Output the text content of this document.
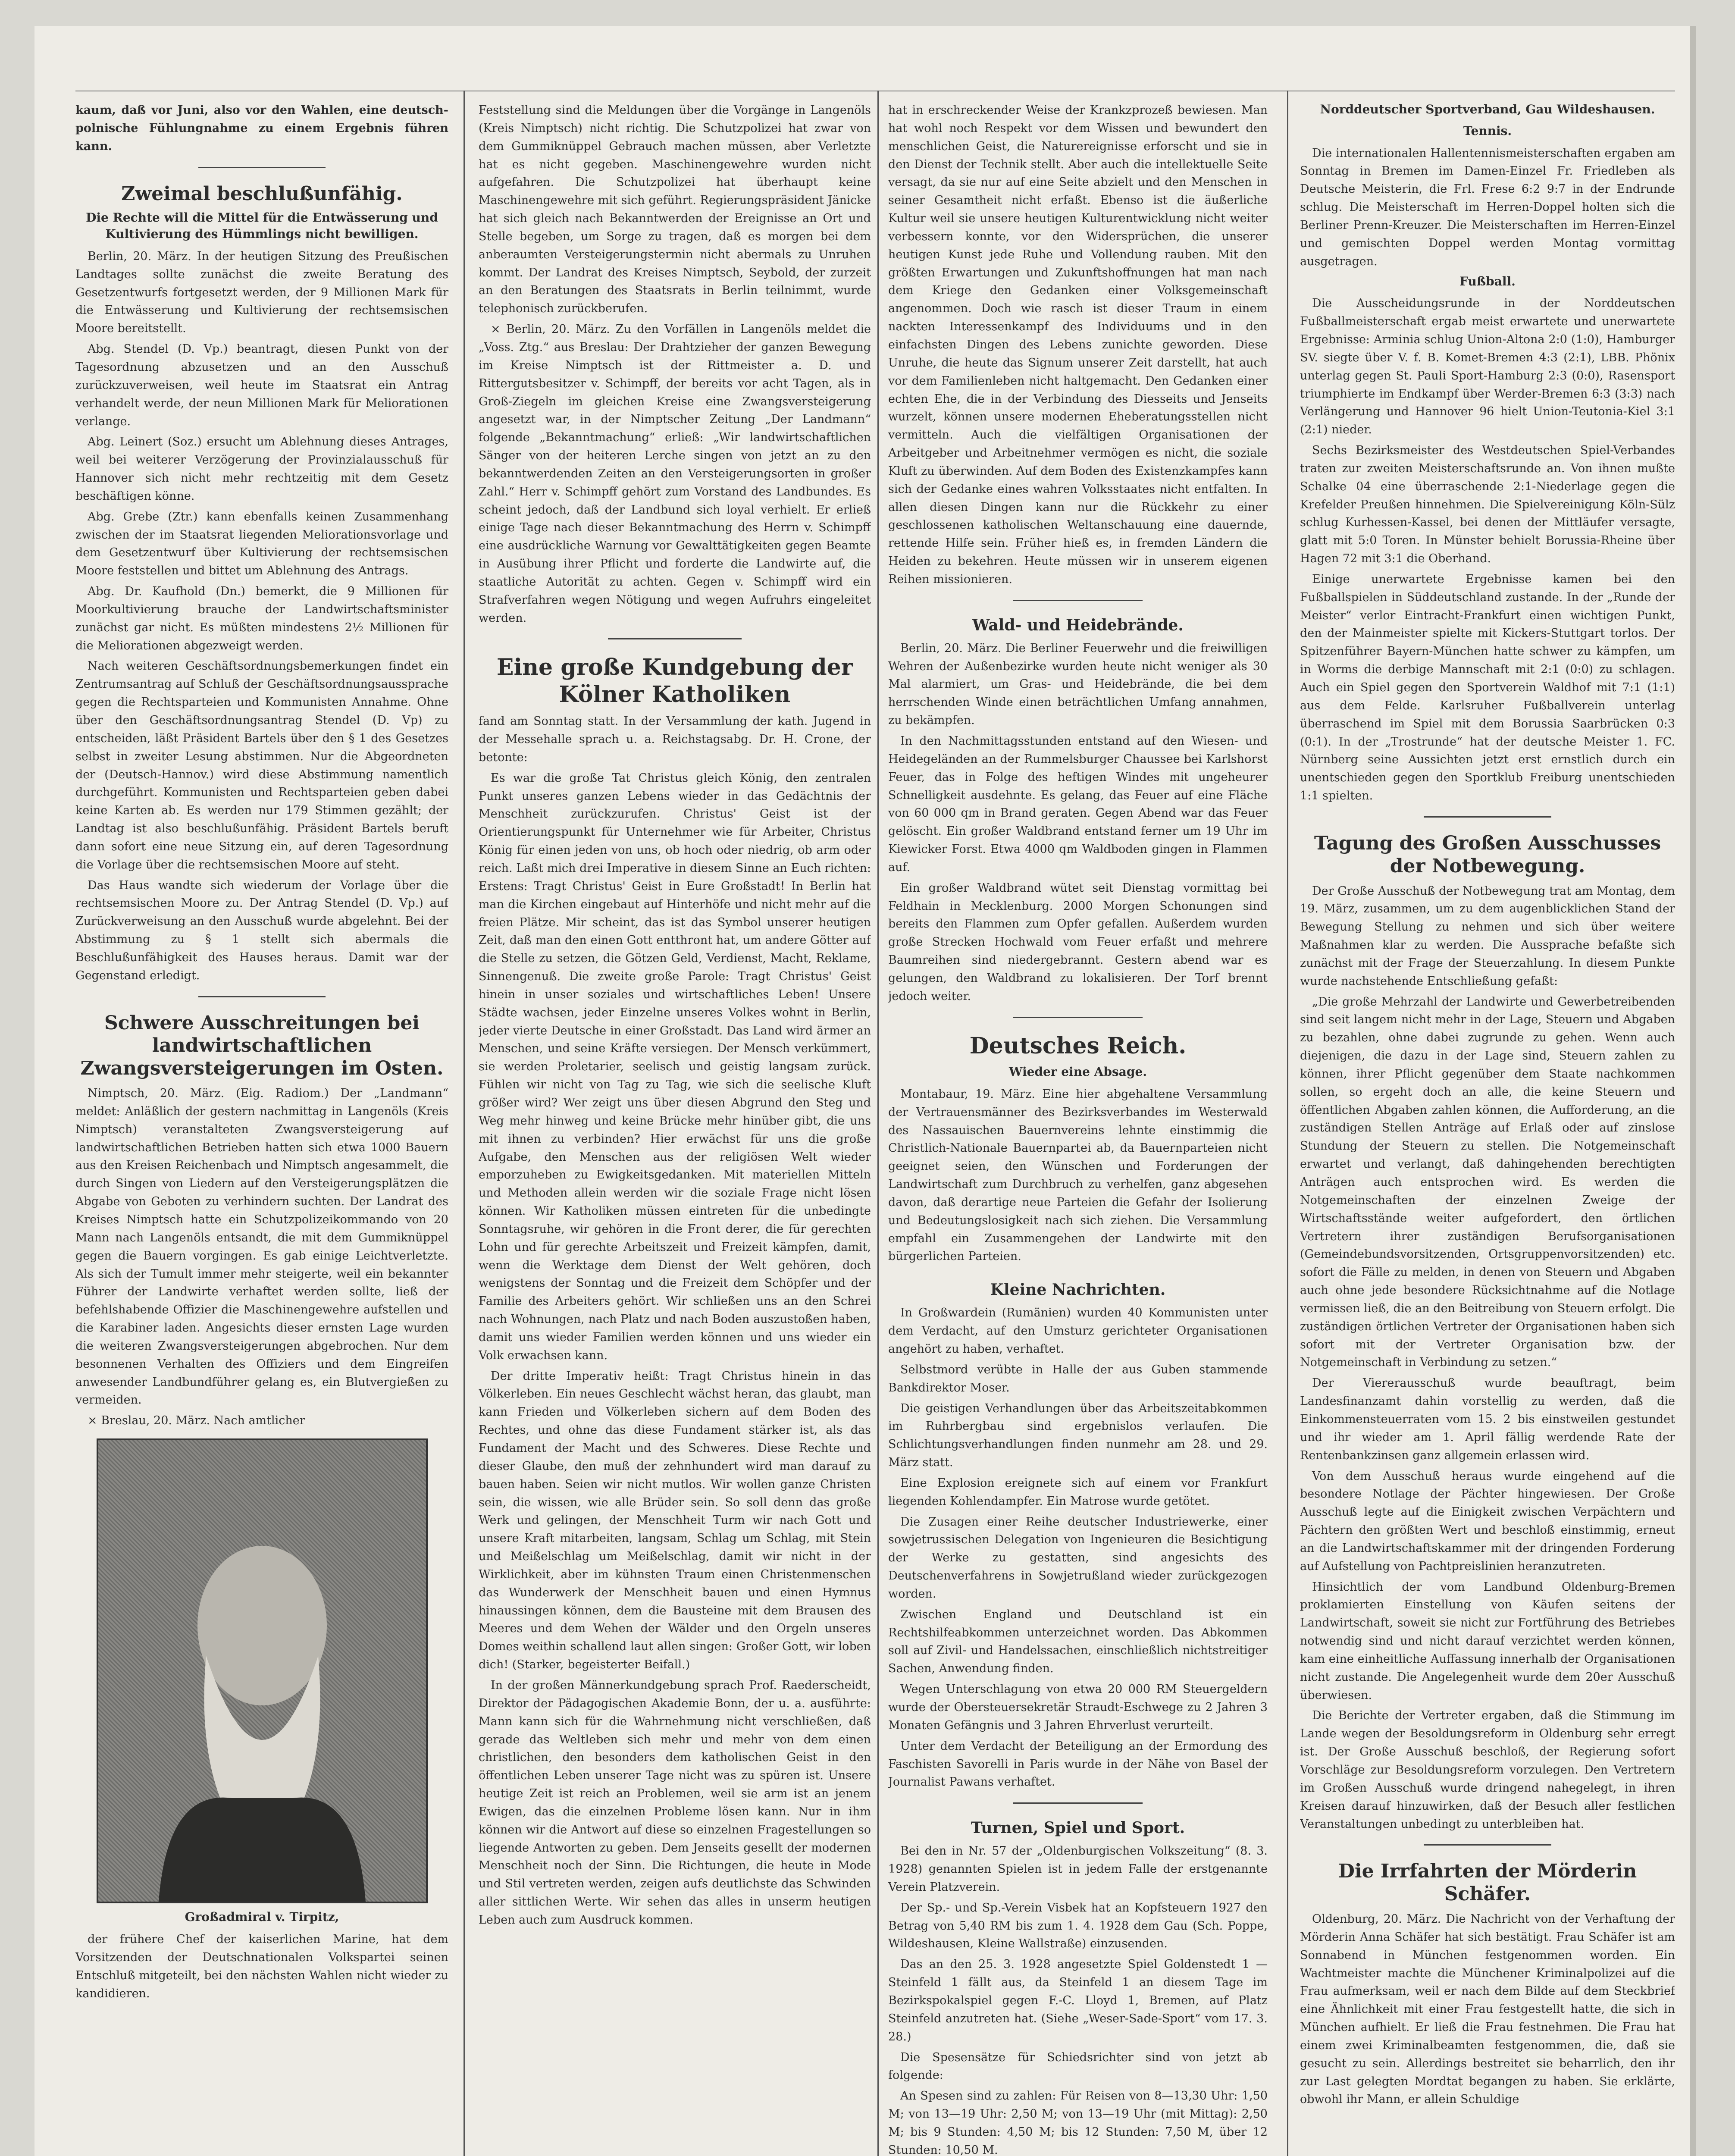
kaum, daß vor Juni, also vor den Wahlen, eine deutsch-polnische Fühlungnahme zu einem Ergebnis führen kann.

Zweimal beschlußunfähig.
Die Rechte will die Mittel für die Entwässerung und Kultivierung des Hümmlings nicht bewilligen.

Berlin, 20. März. In der heutigen Sitzung des Preußischen Landtages sollte zunächst die zweite Beratung des Gesetzentwurfs fortgesetzt werden, der 9 Millionen Mark für die Entwässerung und Kultivierung der rechtsemsischen Moore bereitstellt.

Abg. Stendel (D. Vp.) beantragt, diesen Punkt von der Tagesordnung abzusetzen und an den Ausschuß zurückzuverweisen, weil heute im Staatsrat ein Antrag verhandelt werde, der neun Millionen Mark für Meliorationen verlange.

Abg. Leinert (Soz.) ersucht um Ablehnung dieses Antrages, weil bei weiterer Verzögerung der Provinzialausschuß für Hannover sich nicht mehr rechtzeitig mit dem Gesetz beschäftigen könne.

Abg. Grebe (Ztr.) kann ebenfalls keinen Zusammenhang zwischen der im Staatsrat liegenden Meliorationsvorlage und dem Gesetzentwurf über Kultivierung der rechtsemsischen Moore feststellen und bittet um Ablehnung des Antrags.

Abg. Dr. Kaufhold (Dn.) bemerkt, die 9 Millionen für Moorkultivierung brauche der Landwirtschaftsminister zunächst gar nicht. Es müßten mindestens 2½ Millionen für die Meliorationen abgezweigt werden.

Nach weiteren Geschäftsordnungsbemerkungen findet ein Zentrumsantrag auf Schluß der Geschäftsordnungsaussprache gegen die Rechtsparteien und Kommunisten Annahme. Ohne über den Geschäftsordnungsantrag Stendel (D. Vp) zu entscheiden, läßt Präsident Bartels über den § 1 des Gesetzes selbst in zweiter Lesung abstimmen. Nur die Abgeordneten der (Deutsch-Hannov.) wird diese Abstimmung namentlich durchgeführt. Kommunisten und Rechtsparteien geben dabei keine Karten ab. Es werden nur 179 Stimmen gezählt; der Landtag ist also beschlußunfähig. Präsident Bartels beruft dann sofort eine neue Sitzung ein, auf deren Tagesordnung die Vorlage über die rechtsemsischen Moore auf steht.

Das Haus wandte sich wiederum der Vorlage über die rechtsemsischen Moore zu. Der Antrag Stendel (D. Vp.) auf Zurückverweisung an den Ausschuß wurde abgelehnt. Bei der Abstimmung zu § 1 stellt sich abermals die Beschlußunfähigkeit des Hauses heraus. Damit war der Gegenstand erledigt.

Schwere Ausschreitungen bei landwirtschaftlichen Zwangsversteigerungen im Osten.

Nimptsch, 20. März. (Eig. Radiom.) Der „Landmann“ meldet: Anläßlich der gestern nachmittag in Langenöls (Kreis Nimptsch) veranstalteten Zwangsversteigerung auf landwirtschaftlichen Betrieben hatten sich etwa 1000 Bauern aus den Kreisen Reichenbach und Nimptsch angesammelt, die durch Singen von Liedern auf den Versteigerungsplätzen die Abgabe von Geboten zu verhindern suchten. Der Landrat des Kreises Nimptsch hatte ein Schutzpolizeikommando von 20 Mann nach Langenöls entsandt, die mit dem Gummiknüppel gegen die Bauern vorgingen. Es gab einige Leichtverletzte. Als sich der Tumult immer mehr steigerte, weil ein bekannter Führer der Landwirte verhaftet werden sollte, ließ der befehlshabende Offizier die Maschinengewehre aufstellen und die Karabiner laden. Angesichts dieser ernsten Lage wurden die weiteren Zwangsversteigerungen abgebrochen. Nur dem besonnenen Verhalten des Offiziers und dem Eingreifen anwesender Landbundführer gelang es, ein Blutvergießen zu vermeiden.

× Breslau, 20. März. Nach amtlicher

Großadmiral v. Tirpitz,

der frühere Chef der kaiserlichen Marine, hat dem Vorsitzenden der Deutschnationalen Volkspartei seinen Entschluß mitgeteilt, bei den nächsten Wahlen nicht wieder zu kandidieren.

Feststellung sind die Meldungen über die Vorgänge in Langenöls (Kreis Nimptsch) nicht richtig. Die Schutzpolizei hat zwar von dem Gummiknüppel Gebrauch machen müssen, aber Verletzte hat es nicht gegeben. Maschinengewehre wurden nicht aufgefahren. Die Schutzpolizei hat überhaupt keine Maschinengewehre mit sich geführt. Regierungspräsident Jänicke hat sich gleich nach Bekanntwerden der Ereignisse an Ort und Stelle begeben, um Sorge zu tragen, daß es morgen bei dem anberaumten Versteigerungstermin nicht abermals zu Unruhen kommt. Der Landrat des Kreises Nimptsch, Seybold, der zurzeit an den Beratungen des Staatsrats in Berlin teilnimmt, wurde telephonisch zurückberufen.

× Berlin, 20. März. Zu den Vorfällen in Langenöls meldet die „Voss. Ztg.“ aus Breslau: Der Drahtzieher der ganzen Bewegung im Kreise Nimptsch ist der Rittmeister a. D. und Rittergutsbesitzer v. Schimpff, der bereits vor acht Tagen, als in Groß-Ziegeln im gleichen Kreise eine Zwangsversteigerung angesetzt war, in der Nimptscher Zeitung „Der Landmann“ folgende „Bekanntmachung“ erließ: „Wir landwirtschaftlichen Sänger von der heiteren Lerche singen von jetzt an zu den bekanntwerdenden Zeiten an den Versteigerungsorten in großer Zahl.“ Herr v. Schimpff gehört zum Vorstand des Landbundes. Es scheint jedoch, daß der Landbund sich loyal verhielt. Er erließ einige Tage nach dieser Bekanntmachung des Herrn v. Schimpff eine ausdrückliche Warnung vor Gewalttätigkeiten gegen Beamte in Ausübung ihrer Pflicht und forderte die Landwirte auf, die staatliche Autorität zu achten. Gegen v. Schimpff wird ein Strafverfahren wegen Nötigung und wegen Aufruhrs eingeleitet werden.

Eine große Kundgebung der Kölner Katholiken

fand am Sonntag statt. In der Versammlung der kath. Jugend in der Messehalle sprach u. a. Reichstagsabg. Dr. H. Crone, der betonte:

Es war die große Tat Christus gleich König, den zentralen Punkt unseres ganzen Lebens wieder in das Gedächtnis der Menschheit zurückzurufen. Christus' Geist ist der Orientierungspunkt für Unternehmer wie für Arbeiter, Christus König für einen jeden von uns, ob hoch oder niedrig, ob arm oder reich. Laßt mich drei Imperative in diesem Sinne an Euch richten: Erstens: Tragt Christus' Geist in Eure Großstadt! In Berlin hat man die Kirchen eingebaut auf Hinterhöfe und nicht mehr auf die freien Plätze. Mir scheint, das ist das Symbol unserer heutigen Zeit, daß man den einen Gott entthront hat, um andere Götter auf die Stelle zu setzen, die Götzen Geld, Verdienst, Macht, Reklame, Sinnengenuß. Die zweite große Parole: Tragt Christus' Geist hinein in unser soziales und wirtschaftliches Leben! Unsere Städte wachsen, jeder Einzelne unseres Volkes wohnt in Berlin, jeder vierte Deutsche in einer Großstadt. Das Land wird ärmer an Menschen, und seine Kräfte versiegen. Der Mensch verkümmert, sie werden Proletarier, seelisch und geistig langsam zurück. Fühlen wir nicht von Tag zu Tag, wie sich die seelische Kluft größer wird? Wer zeigt uns über diesen Abgrund den Steg und Weg mehr hinweg und keine Brücke mehr hinüber gibt, die uns mit ihnen zu verbinden? Hier erwächst für uns die große Aufgabe, den Menschen aus der religiösen Welt wieder emporzuheben zu Ewigkeitsgedanken. Mit materiellen Mitteln und Methoden allein werden wir die soziale Frage nicht lösen können. Wir Katholiken müssen eintreten für die unbedingte Sonntagsruhe, wir gehören in die Front derer, die für gerechten Lohn und für gerechte Arbeitszeit und Freizeit kämpfen, damit, wenn die Werktage dem Dienst der Welt gehören, doch wenigstens der Sonntag und die Freizeit dem Schöpfer und der Familie des Arbeiters gehört. Wir schließen uns an den Schrei nach Wohnungen, nach Platz und nach Boden auszustoßen haben, damit uns wieder Familien werden können und uns wieder ein Volk erwachsen kann.

Der dritte Imperativ heißt: Tragt Christus hinein in das Völkerleben. Ein neues Geschlecht wächst heran, das glaubt, man kann Frieden und Völkerleben sichern auf dem Boden des Rechtes, und ohne das diese Fundament stärker ist, als das Fundament der Macht und des Schweres. Diese Rechte und dieser Glaube, den muß der zehnhundert wird man darauf zu bauen haben. Seien wir nicht mutlos. Wir wollen ganze Christen sein, die wissen, wie alle Brüder sein. So soll denn das große Werk und gelingen, der Menschheit Turm wir nach Gott und unsere Kraft mitarbeiten, langsam, Schlag um Schlag, mit Stein und Meißelschlag um Meißelschlag, damit wir nicht in der Wirklichkeit, aber im kühnsten Traum einen Christenmenschen das Wunderwerk der Menschheit bauen und einen Hymnus hinaussingen können, dem die Bausteine mit dem Brausen des Meeres und dem Wehen der Wälder und den Orgeln unseres Domes weithin schallend laut allen singen: Großer Gott, wir loben dich! (Starker, begeisterter Beifall.)

In der großen Männerkundgebung sprach Prof. Raederscheidt, Direktor der Pädagogischen Akademie Bonn, der u. a. ausführte: Mann kann sich für die Wahrnehmung nicht verschließen, daß gerade das Weltleben sich mehr und mehr von dem einen christlichen, den besonders dem katholischen Geist in den öffentlichen Leben unserer Tage nicht was zu spüren ist. Unsere heutige Zeit ist reich an Problemen, weil sie arm ist an jenem Ewigen, das die einzelnen Probleme lösen kann. Nur in ihm können wir die Antwort auf diese so einzelnen Fragestellungen so liegende Antworten zu geben. Dem Jenseits gesellt der modernen Menschheit noch der Sinn. Die Richtungen, die heute in Mode und Stil vertreten werden, zeigen aufs deutlichste das Schwinden aller sittlichen Werte. Wir sehen das alles in unserm heutigen Leben auch zum Ausdruck kommen.

hat in erschreckender Weise der Krankzprozeß bewiesen. Man hat wohl noch Respekt vor dem Wissen und bewundert den menschlichen Geist, die Naturereignisse erforscht und sie in den Dienst der Technik stellt. Aber auch die intellektuelle Seite versagt, da sie nur auf eine Seite abzielt und den Menschen in seiner Gesamtheit nicht erfaßt. Ebenso ist die äußerliche Kultur weil sie unsere heutigen Kulturentwicklung nicht weiter verbessern konnte, vor den Widersprüchen, die unserer heutigen Kunst jede Ruhe und Vollendung rauben. Mit den größten Erwartungen und Zukunftshoffnungen hat man nach dem Kriege den Gedanken einer Volksgemeinschaft angenommen. Doch wie rasch ist dieser Traum in einem nackten Interessenkampf des Individuums und in den einfachsten Dingen des Lebens zunichte geworden. Diese Unruhe, die heute das Signum unserer Zeit darstellt, hat auch vor dem Familienleben nicht haltgemacht. Den Gedanken einer echten Ehe, die in der Verbindung des Diesseits und Jenseits wurzelt, können unsere modernen Eheberatungsstellen nicht vermitteln. Auch die vielfältigen Organisationen der Arbeitgeber und Arbeitnehmer vermögen es nicht, die soziale Kluft zu überwinden. Auf dem Boden des Existenzkampfes kann sich der Gedanke eines wahren Volksstaates nicht entfalten. In allen diesen Dingen kann nur die Rückkehr zu einer geschlossenen katholischen Weltanschauung eine dauernde, rettende Hilfe sein. Früher hieß es, in fremden Ländern die Heiden zu bekehren. Heute müssen wir in unserem eigenen Reihen missionieren.

Wald- und Heidebrände.

Berlin, 20. März. Die Berliner Feuerwehr und die freiwilligen Wehren der Außenbezirke wurden heute nicht weniger als 30 Mal alarmiert, um Gras- und Heidebrände, die bei dem herrschenden Winde einen beträchtlichen Umfang annahmen, zu bekämpfen.

In den Nachmittagsstunden entstand auf den Wiesen- und Heidegeländen an der Rummelsburger Chaussee bei Karlshorst Feuer, das in Folge des heftigen Windes mit ungeheurer Schnelligkeit ausdehnte. Es gelang, das Feuer auf eine Fläche von 60 000 qm in Brand geraten. Gegen Abend war das Feuer gelöscht. Ein großer Waldbrand entstand ferner um 19 Uhr im Kiewicker Forst. Etwa 4000 qm Waldboden gingen in Flammen auf.

Ein großer Waldbrand wütet seit Dienstag vormittag bei Feldhain in Mecklenburg. 2000 Morgen Schonungen sind bereits den Flammen zum Opfer gefallen. Außerdem wurden große Strecken Hochwald vom Feuer erfaßt und mehrere Baumreihen sind niedergebrannt. Gestern abend war es gelungen, den Waldbrand zu lokalisieren. Der Torf brennt jedoch weiter.

Deutsches Reich.
Wieder eine Absage.

Montabaur, 19. März. Eine hier abgehaltene Versammlung der Vertrauensmänner des Bezirksverbandes im Westerwald des Nassauischen Bauernvereins lehnte einstimmig die Christlich-Nationale Bauernpartei ab, da Bauernparteien nicht geeignet seien, den Wünschen und Forderungen der Landwirtschaft zum Durchbruch zu verhelfen, ganz abgesehen davon, daß derartige neue Parteien die Gefahr der Isolierung und Bedeutungslosigkeit nach sich ziehen. Die Versammlung empfahl ein Zusammengehen der Landwirte mit den bürgerlichen Parteien.

Kleine Nachrichten.

In Großwardein (Rumänien) wurden 40 Kommunisten unter dem Verdacht, auf den Umsturz gerichteter Organisationen angehört zu haben, verhaftet.

Selbstmord verübte in Halle der aus Guben stammende Bankdirektor Moser.

Die geistigen Verhandlungen über das Arbeitszeitabkommen im Ruhrbergbau sind ergebnislos verlaufen. Die Schlichtungsverhandlungen finden nunmehr am 28. und 29. März statt.

Eine Explosion ereignete sich auf einem vor Frankfurt liegenden Kohlendampfer. Ein Matrose wurde getötet.

Die Zusagen einer Reihe deutscher Industriewerke, einer sowjetrussischen Delegation von Ingenieuren die Besichtigung der Werke zu gestatten, sind angesichts des Deutschenverfahrens in Sowjetrußland wieder zurückgezogen worden.

Zwischen England und Deutschland ist ein Rechtshilfeabkommen unterzeichnet worden. Das Abkommen soll auf Zivil- und Handelssachen, einschließlich nichtstreitiger Sachen, Anwendung finden.

Wegen Unterschlagung von etwa 20 000 RM Steuergeldern wurde der Obersteuersekretär Straudt-Eschwege zu 2 Jahren 3 Monaten Gefängnis und 3 Jahren Ehrverlust verurteilt.

Unter dem Verdacht der Beteiligung an der Ermordung des Faschisten Savorelli in Paris wurde in der Nähe von Basel der Journalist Pawans verhaftet.

Turnen, Spiel und Sport.

Bei den in Nr. 57 der „Oldenburgischen Volkszeitung“ (8. 3. 1928) genannten Spielen ist in jedem Falle der erstgenannte Verein Platzverein.

Der Sp.- und Sp.-Verein Visbek hat an Kopfsteuern 1927 den Betrag von 5,40 RM bis zum 1. 4. 1928 dem Gau (Sch. Poppe, Wildeshausen, Kleine Wallstraße) einzusenden.

Das an den 25. 3. 1928 angesetzte Spiel Goldenstedt 1 — Steinfeld 1 fällt aus, da Steinfeld 1 an diesem Tage im Bezirkspokalspiel gegen F.-C. Lloyd 1, Bremen, auf Platz Steinfeld anzutreten hat. (Siehe „Weser-Sade-Sport“ vom 17. 3. 28.)

Die Spesensätze für Schiedsrichter sind von jetzt ab folgende:

An Spesen sind zu zahlen: Für Reisen von 8—13,30 Uhr: 1,50 M; von 13—19 Uhr: 2,50 M; von 13—19 Uhr (mit Mittag): 2,50 M; bis 9 Stunden: 4,50 M; bis 12 Stunden: 7,50 M, über 12 Stunden: 10,50 M.

Norddeutscher Sportverband, Gau Wildeshausen.
Tennis.

Die internationalen Hallentennismeisterschaften ergaben am Sonntag in Bremen im Damen-Einzel Fr. Friedleben als Deutsche Meisterin, die Frl. Frese 6:2 9:7 in der Endrunde schlug. Die Meisterschaft im Herren-Doppel holten sich die Berliner Prenn-Kreuzer. Die Meisterschaften im Herren-Einzel und gemischten Doppel werden Montag vormittag ausgetragen.

Fußball.

Die Ausscheidungsrunde in der Norddeutschen Fußballmeisterschaft ergab meist erwartete und unerwartete Ergebnisse: Arminia schlug Union-Altona 2:0 (1:0), Hamburger SV. siegte über V. f. B. Komet-Bremen 4:3 (2:1), LBB. Phönix unterlag gegen St. Pauli Sport-Hamburg 2:3 (0:0), Rasensport triumphierte im Endkampf über Werder-Bremen 6:3 (3:3) nach Verlängerung und Hannover 96 hielt Union-Teutonia-Kiel 3:1 (2:1) nieder.

Sechs Bezirksmeister des Westdeutschen Spiel-Verbandes traten zur zweiten Meisterschaftsrunde an. Von ihnen mußte Schalke 04 eine überraschende 2:1-Niederlage gegen die Krefelder Preußen hinnehmen. Die Spielvereinigung Köln-Sülz schlug Kurhessen-Kassel, bei denen der Mittläufer versagte, glatt mit 5:0 Toren. In Münster behielt Borussia-Rheine über Hagen 72 mit 3:1 die Oberhand.

Einige unerwartete Ergebnisse kamen bei den Fußballspielen in Süddeutschland zustande. In der „Runde der Meister“ verlor Eintracht-Frankfurt einen wichtigen Punkt, den der Mainmeister spielte mit Kickers-Stuttgart torlos. Der Spitzenführer Bayern-München hatte schwer zu kämpfen, um in Worms die derbige Mannschaft mit 2:1 (0:0) zu schlagen. Auch ein Spiel gegen den Sportverein Waldhof mit 7:1 (1:1) aus dem Felde. Karlsruher Fußballverein unterlag überraschend im Spiel mit dem Borussia Saarbrücken 0:3 (0:1). In der „Trostrunde“ hat der deutsche Meister 1. FC. Nürnberg seine Aussichten jetzt erst ernstlich durch ein unentschieden gegen den Sportklub Freiburg unentschieden 1:1 spielten.

Tagung des Großen Ausschusses der Notbewegung.

Der Große Ausschuß der Notbewegung trat am Montag, dem 19. März, zusammen, um zu dem augenblicklichen Stand der Bewegung Stellung zu nehmen und sich über weitere Maßnahmen klar zu werden. Die Aussprache befaßte sich zunächst mit der Frage der Steuerzahlung. In diesem Punkte wurde nachstehende Entschließung gefaßt:

„Die große Mehrzahl der Landwirte und Gewerbetreibenden sind seit langem nicht mehr in der Lage, Steuern und Abgaben zu bezahlen, ohne dabei zugrunde zu gehen. Wenn auch diejenigen, die dazu in der Lage sind, Steuern zahlen zu können, ihrer Pflicht gegenüber dem Staate nachkommen sollen, so ergeht doch an alle, die keine Steuern und öffentlichen Abgaben zahlen können, die Aufforderung, an die zuständigen Stellen Anträge auf Erlaß oder auf zinslose Stundung der Steuern zu stellen. Die Notgemeinschaft erwartet und verlangt, daß dahingehenden berechtigten Anträgen auch entsprochen wird. Es werden die Notgemeinschaften der einzelnen Zweige der Wirtschaftsstände weiter aufgefordert, den örtlichen Vertretern ihrer zuständigen Berufsorganisationen (Gemeindebundsvorsitzenden, Ortsgruppenvorsitzenden) etc. sofort die Fälle zu melden, in denen von Steuern und Abgaben auch ohne jede besondere Rücksichtnahme auf die Notlage vermissen ließ, die an den Beitreibung von Steuern erfolgt. Die zuständigen örtlichen Vertreter der Organisationen haben sich sofort mit der Vertreter Organisation bzw. der Notgemeinschaft in Verbindung zu setzen.“

Der Viererausschuß wurde beauftragt, beim Landesfinanzamt dahin vorstellig zu werden, daß die Einkommensteuerraten vom 15. 2 bis einstweilen gestundet und ihr wieder am 1. April fällig werdende Rate der Rentenbankzinsen ganz allgemein erlassen wird.

Von dem Ausschuß heraus wurde eingehend auf die besondere Notlage der Pächter hingewiesen. Der Große Ausschuß legte auf die Einigkeit zwischen Verpächtern und Pächtern den größten Wert und beschloß einstimmig, erneut an die Landwirtschaftskammer mit der dringenden Forderung auf Aufstellung von Pachtpreislinien heranzutreten.

Hinsichtlich der vom Landbund Oldenburg-Bremen proklamierten Einstellung von Käufen seitens der Landwirtschaft, soweit sie nicht zur Fortführung des Betriebes notwendig sind und nicht darauf verzichtet werden können, kam eine einheitliche Auffassung innerhalb der Organisationen nicht zustande. Die Angelegenheit wurde dem 20er Ausschuß überwiesen.

Die Berichte der Vertreter ergaben, daß die Stimmung im Lande wegen der Besoldungsreform in Oldenburg sehr erregt ist. Der Große Ausschuß beschloß, der Regierung sofort Vorschläge zur Besoldungsreform vorzulegen. Den Vertretern im Großen Ausschuß wurde dringend nahegelegt, in ihren Kreisen darauf hinzuwirken, daß der Besuch aller festlichen Veranstaltungen unbedingt zu unterbleiben hat.

Die Irrfahrten der Mörderin Schäfer.

Oldenburg, 20. März. Die Nachricht von der Verhaftung der Mörderin Anna Schäfer hat sich bestätigt. Frau Schäfer ist am Sonnabend in München festgenommen worden. Ein Wachtmeister machte die Münchener Kriminalpolizei auf die Frau aufmerksam, weil er nach dem Bilde auf dem Steckbrief eine Ähnlichkeit mit einer Frau festgestellt hatte, die sich in München aufhielt. Er ließ die Frau festnehmen. Die Frau hat einem zwei Kriminalbeamten festgenommen, die, daß sie gesucht zu sein. Allerdings bestreitet sie beharrlich, den ihr zur Last gelegten Mordtat begangen zu haben. Sie erklärte, obwohl ihr Mann, er allein Schuldige
